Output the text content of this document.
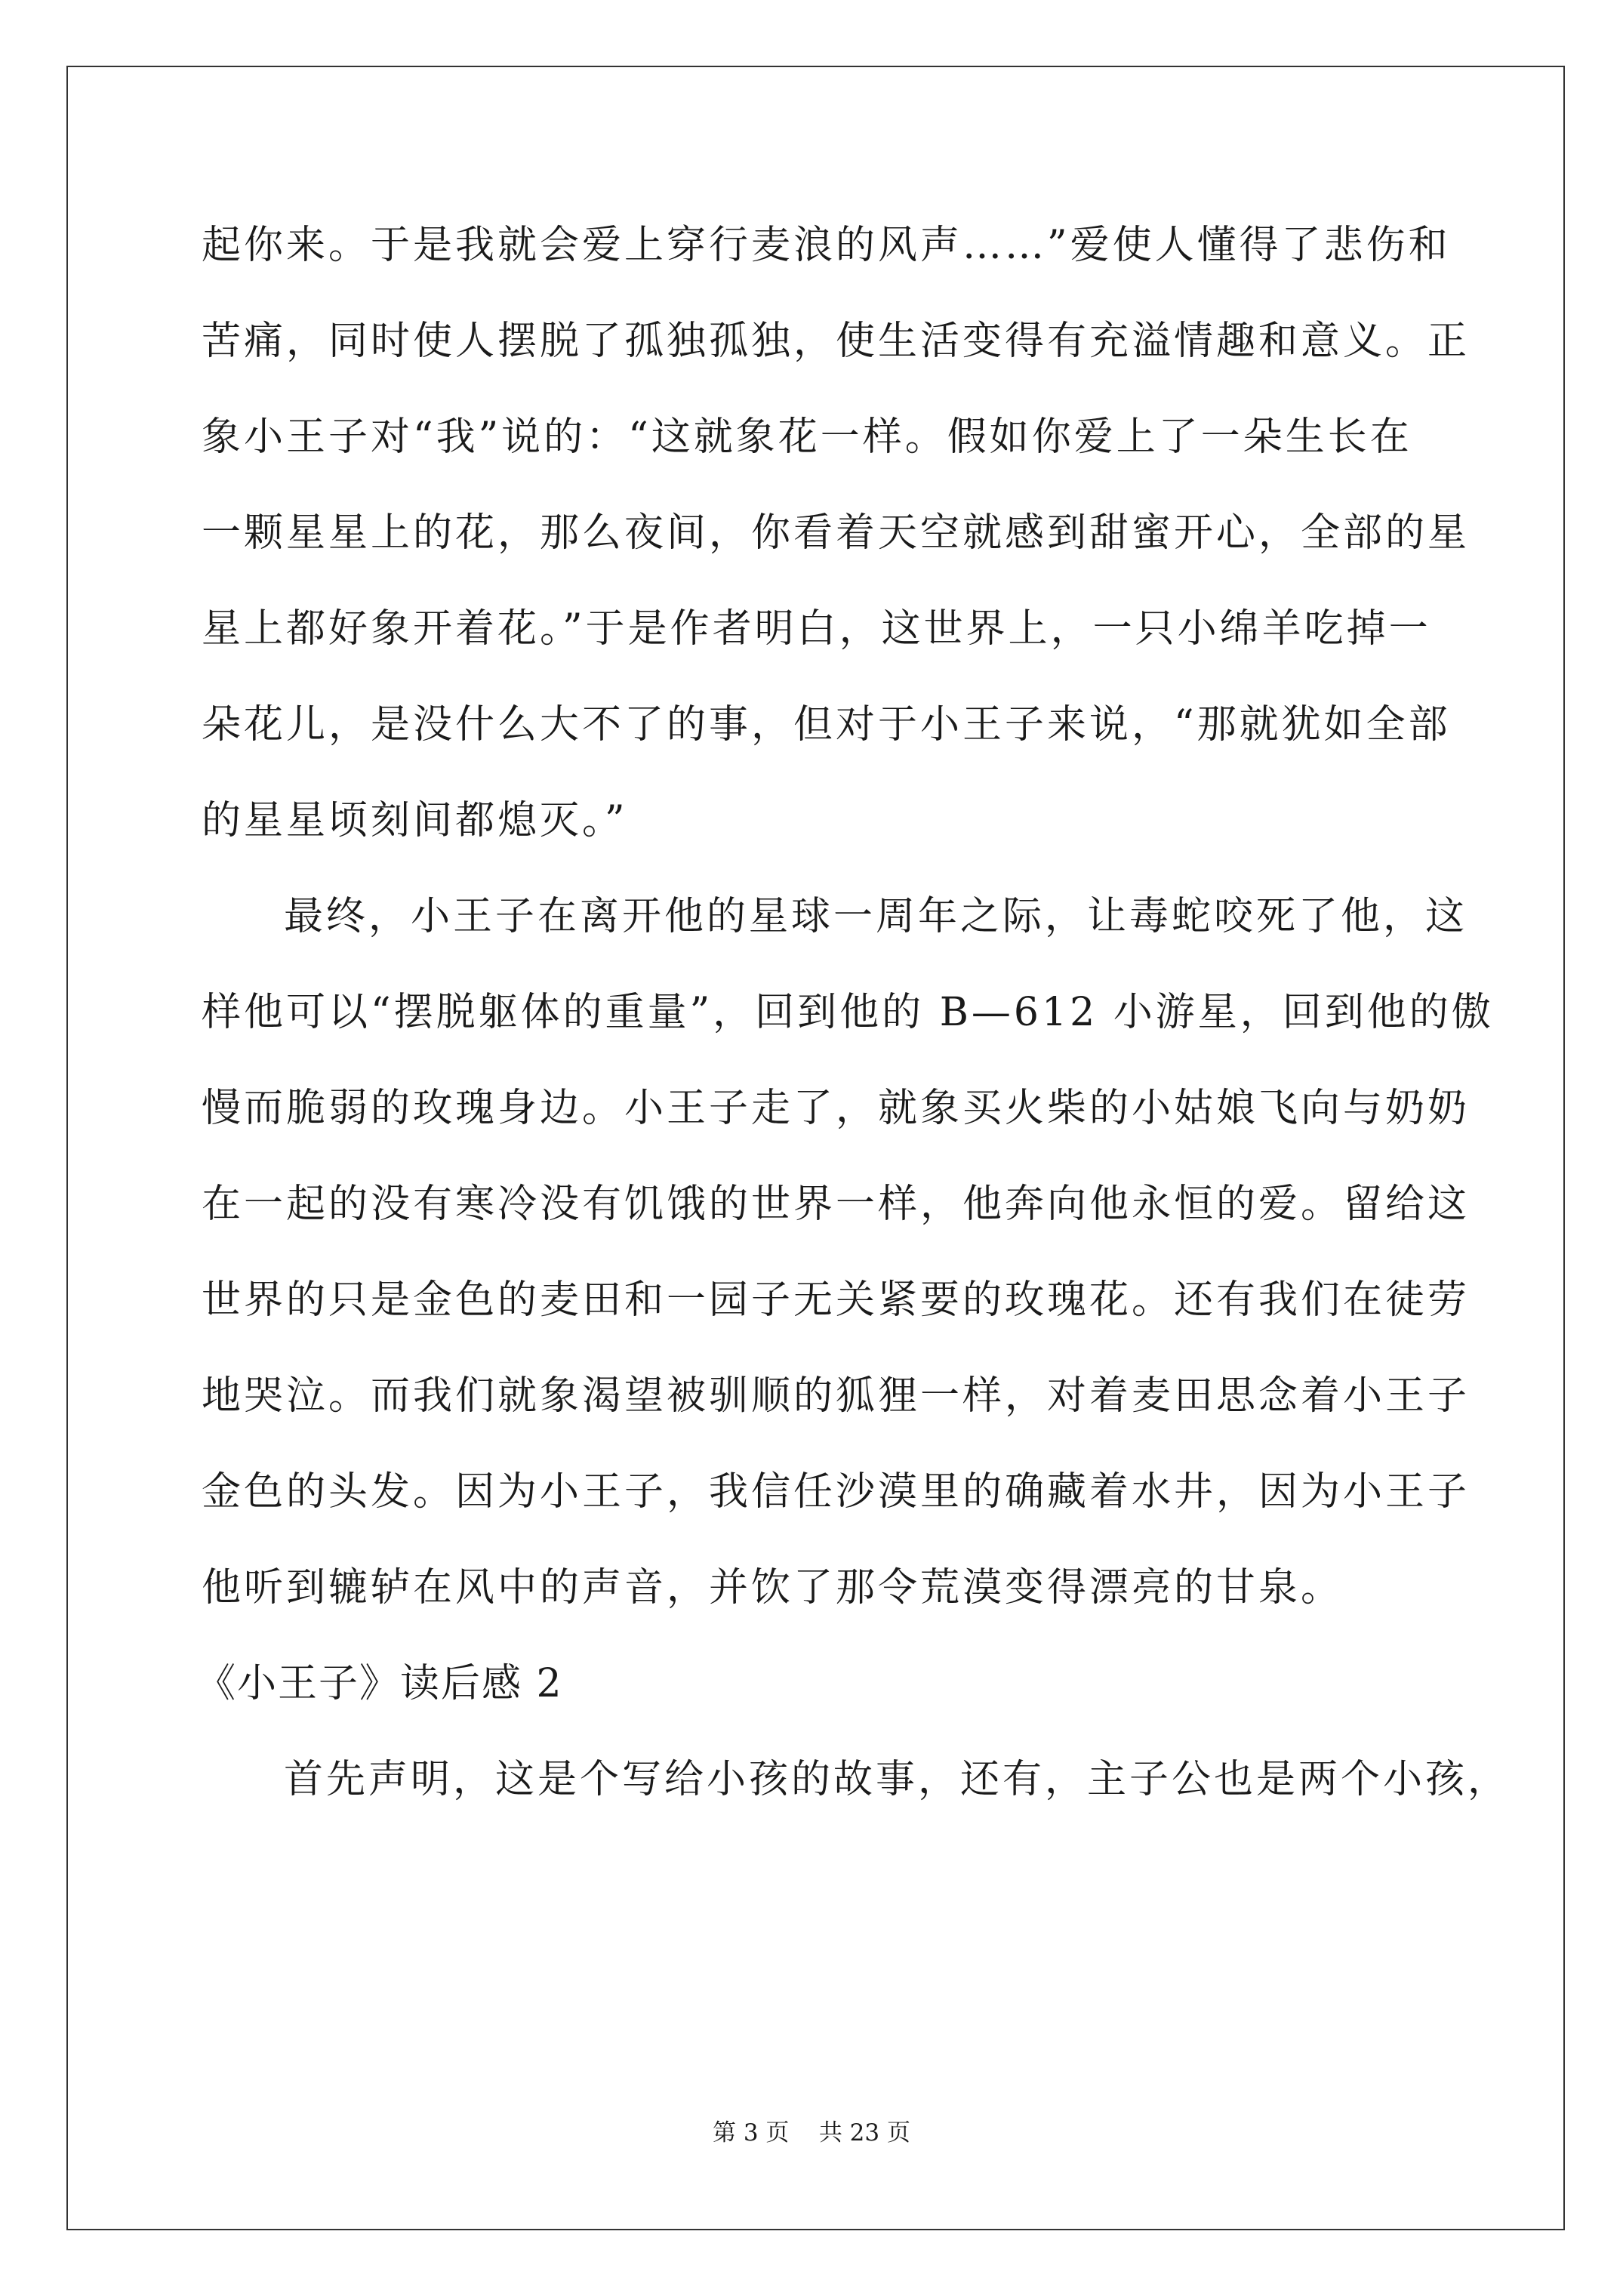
起你来。于是我就会爱上穿行麦浪的风声……”爱使人懂得了悲伤和
苦痛，同时使人摆脱了孤独孤独，使生活变得有充溢情趣和意义。正
象小王子对“我”说的：“这就象花一样。假如你爱上了一朵生长在
一颗星星上的花，那么夜间，你看着天空就感到甜蜜开心，全部的星
星上都好象开着花。”于是作者明白，这世界上，一只小绵羊吃掉一
朵花儿，是没什么大不了的事，但对于小王子来说，“那就犹如全部
的星星顷刻间都熄灭。”
最终，小王子在离开他的星球一周年之际，让毒蛇咬死了他，这
样他可以“摆脱躯体的重量”，回到他的 B—612 小游星，回到他的傲
慢而脆弱的玫瑰身边。小王子走了，就象买火柴的小姑娘飞向与奶奶
在一起的没有寒冷没有饥饿的世界一样，他奔向他永恒的爱。留给这
世界的只是金色的麦田和一园子无关紧要的玫瑰花。还有我们在徒劳
地哭泣。而我们就象渴望被驯顺的狐狸一样，对着麦田思念着小王子
金色的头发。因为小王子，我信任沙漠里的确藏着水井，因为小王子
他听到辘轳在风中的声音，并饮了那令荒漠变得漂亮的甘泉。
《小王子》读后感 2
首先声明，这是个写给小孩的故事，还有，主子公也是两个小孩，
第 3 页    共 23 页
